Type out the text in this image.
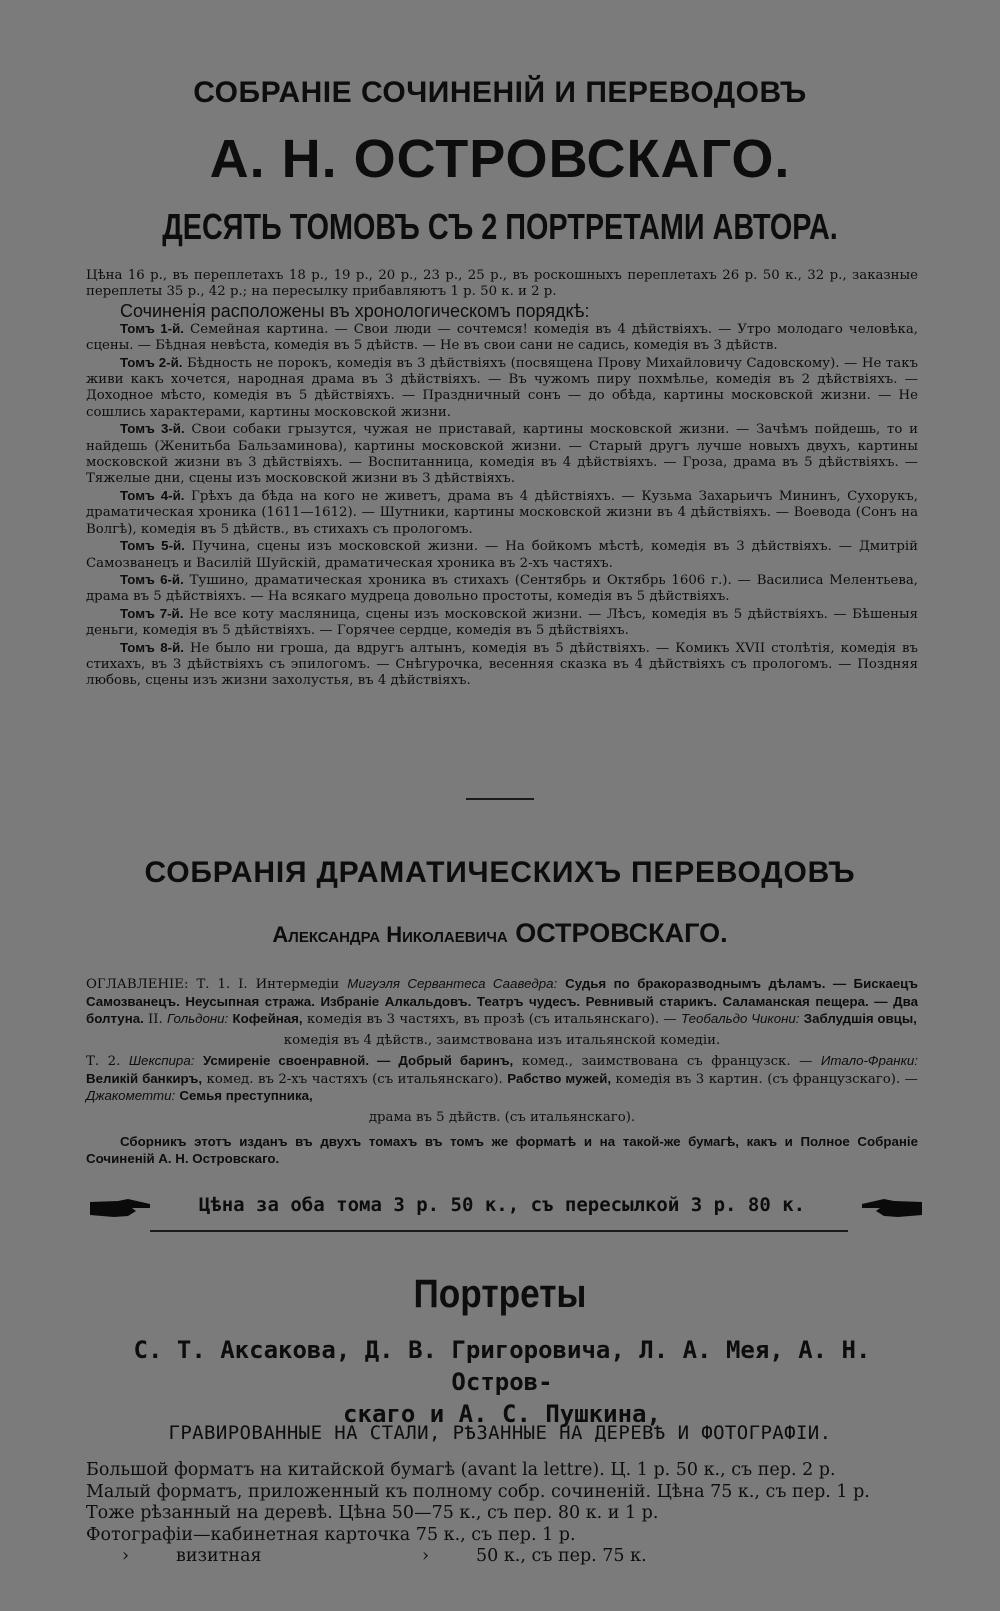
СОБРАНІЕ СОЧИНЕНІЙ И ПЕРЕВОДОВЪ
А. Н. ОСТРОВСКАГО.
ДЕСЯТЬ ТОМОВЪ СЪ 2 ПОРТРЕТАМИ АВТОРА.

Цѣна 16 р., въ переплетахъ 18 р., 19 р., 20 р., 23 р., 25 р., въ роскошныхъ переплетахъ 26 р. 50 к., 32 р., заказные переплеты 35 р., 42 р.; на пересылку прибавляютъ 1 р. 50 к. и 2 р.

Сочиненія расположены въ хронологическомъ порядкѣ:

Томъ 1-й. Семейная картина. — Свои люди — сочтемся! комедія въ 4 дѣйствіяхъ. — Утро молодаго человѣка, сцены. — Бѣдная невѣста, комедія въ 5 дѣйств. — Не въ свои сани не садись, комедія въ 3 дѣйств.

Томъ 2-й. Бѣдность не порокъ, комедія въ 3 дѣйствіяхъ (посвящена Прову Михайловичу Садовскому). — Не такъ живи какъ хочется, народная драма въ 3 дѣйствіяхъ. — Въ чужомъ пиру похмѣлье, комедія въ 2 дѣйствіяхъ. — Доходное мѣсто, комедія въ 5 дѣйствіяхъ. — Праздничный сонъ — до обѣда, картины московской жизни. — Не сошлись характерами, картины московской жизни.

Томъ 3-й. Свои собаки грызутся, чужая не приставай, картины московской жизни. — Зачѣмъ пойдешь, то и найдешь (Женитьба Бальзаминова), картины московской жизни. — Старый другъ лучше новыхъ двухъ, картины московской жизни въ 3 дѣйствіяхъ. — Воспитанница, комедія въ 4 дѣйствіяхъ. — Гроза, драма въ 5 дѣйствіяхъ. — Тяжелые дни, сцены изъ московской жизни въ 3 дѣйствіяхъ.

Томъ 4-й. Грѣхъ да бѣда на кого не живетъ, драма въ 4 дѣйствіяхъ. — Кузьма Захарьичъ Мининъ, Сухорукъ, драматическая хроника (1611—1612). — Шутники, картины московской жизни въ 4 дѣйствіяхъ. — Воевода (Сонъ на Волгѣ), комедія въ 5 дѣйств., въ стихахъ съ прологомъ.

Томъ 5-й. Пучина, сцены изъ московской жизни. — На бойкомъ мѣстѣ, комедія въ 3 дѣйствіяхъ. — Дмитрій Самозванецъ и Василій Шуйскій, драматическая хроника въ 2-хъ частяхъ.

Томъ 6-й. Тушино, драматическая хроника въ стихахъ (Сентябрь и Октябрь 1606 г.). — Василиса Мелентьева, драма въ 5 дѣйствіяхъ. — На всякаго мудреца довольно простоты, комедія въ 5 дѣйствіяхъ.

Томъ 7-й. Не все коту масляница, сцены изъ московской жизни. — Лѣсъ, комедія въ 5 дѣйствіяхъ. — Бѣшеныя деньги, комедія въ 5 дѣйствіяхъ. — Горячее сердце, комедія въ 5 дѣйствіяхъ.

Томъ 8-й. Не было ни гроша, да вдругъ алтынъ, комедія въ 5 дѣйствіяхъ. — Комикъ XVII столѣтія, комедія въ стихахъ, въ 3 дѣйствіяхъ съ эпилогомъ. — Снѣгурочка, весенняя сказка въ 4 дѣйствіяхъ съ прологомъ. — Поздняя любовь, сцены изъ жизни захолустья, въ 4 дѣйствіяхъ.

СОБРАНІЯ ДРАМАТИЧЕСКИХЪ ПЕРЕВОДОВЪ
Александра Николаевича ОСТРОВСКАГО.

ОГЛАВЛЕНІЕ: Т. 1. I. Интермедіи Мигуэля Сервантеса Сааведра: Судья по бракоразводнымъ дѣламъ. — Бискаецъ Самозванецъ. Неусыпная стража. Избраніе Алкальдовъ. Театръ чудесъ. Ревнивый старикъ. Саламанская пещера. — Два болтуна. II. Гольдони: Кофейная, комедія въ 3 частяхъ, въ прозѣ (съ итальянскаго). — Теобальдо Чикони: Заблудшія овцы,

комедія въ 4 дѣйств., заимствована изъ итальянской комедіи.

Т. 2. Шекспира: Усмиреніе своенравной. — Добрый баринъ, комед., заимствована съ французск. — Итало-Франки: Великій банкиръ, комед. въ 2-хъ частяхъ (съ итальянскаго). Рабство мужей, комедія въ 3 картин. (съ французскаго). — Джакометти: Семья преступника,

драма въ 5 дѣйств. (съ итальянскаго).

Сборникъ этотъ изданъ въ двухъ томахъ въ томъ же форматѣ и на такой-же бумагѣ, какъ и Полное Собраніе Сочиненій А. Н. Островскаго.

Цѣна за оба тома 3 р. 50 к., съ пересылкой 3 р. 80 к.
Портреты
С. Т. Аксакова, Д. В. Григоровича, Л. А. Мея, А. Н. Остров-
скаго и А. С. Пушкина,
ГРАВИРОВАННЫЕ НА СТАЛИ, РѢЗАННЫЕ НА ДЕРЕВѢ И ФОТОГРАФІИ.

Большой форматъ на китайской бумагѣ (avant la lettre). Ц. 1 р. 50 к., съ пер. 2 р.

Малый форматъ, приложенный къ полному собр. сочиненій. Цѣна 75 к., съ пер. 1 р.

Тоже рѣзанный на деревѣ. Цѣна 50—75 к., съ пер. 80 к. и 1 р.

Фотографіи—кабинетная карточка 75 к., съ пер. 1 р.

›	визитная	›	50 к., съ пер. 75 к.
